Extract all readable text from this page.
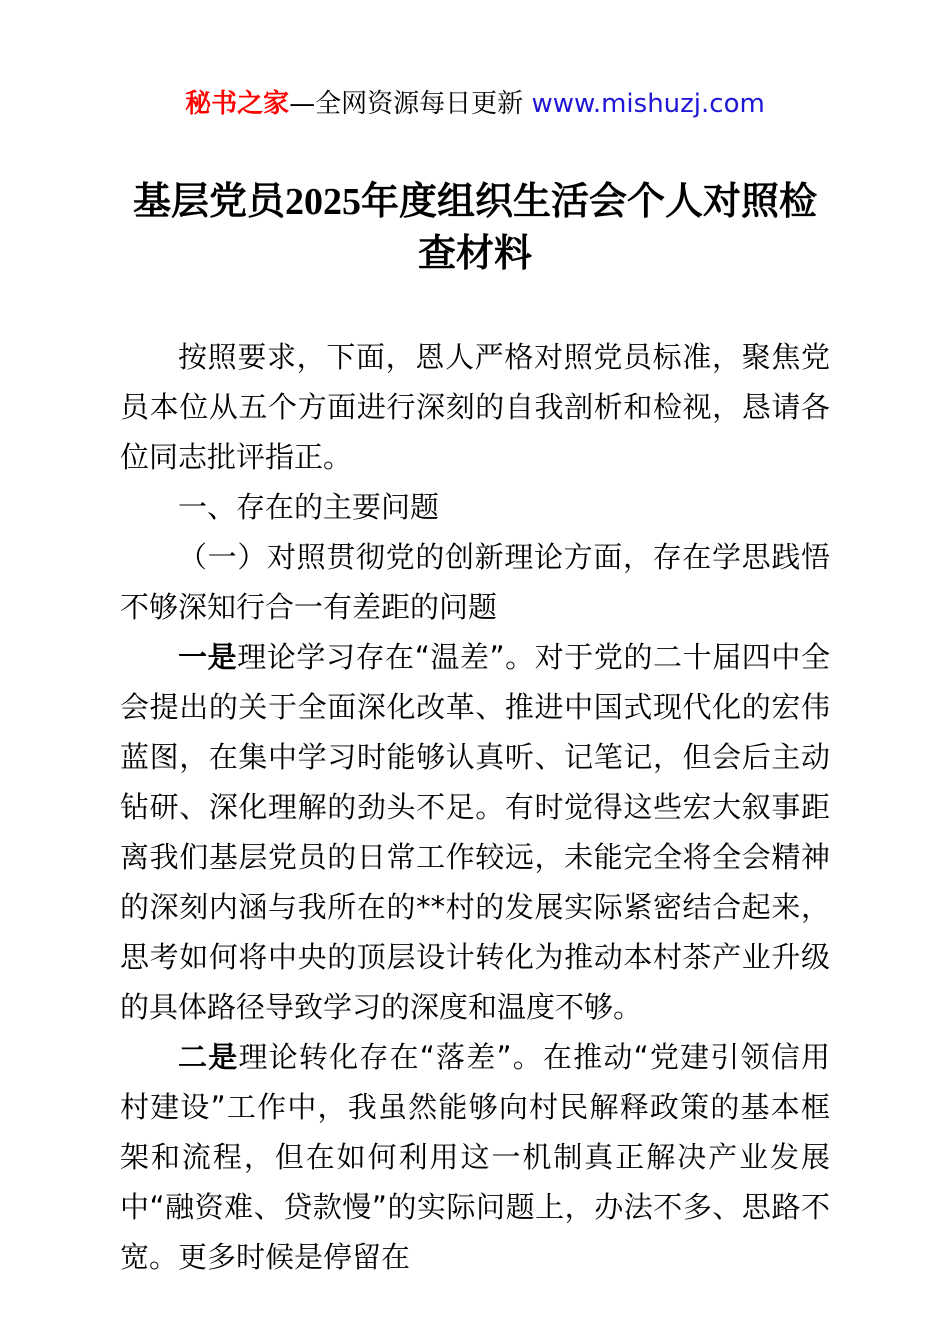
秘书之家—全网资源每日更新 www.mishuzj.com
基层党员2025年度组织生活会个人对照检查材料

按照要求，下面，恩人严格对照党员标准，聚焦党员本位从五个方面进行深刻的自我剖析和检视，恳请各位同志批评指正。

一、存在的主要问题

（一）对照贯彻党的创新理论方面，存在学思践悟不够深知行合一有差距的问题

一是理论学习存在“温差”。对于党的二十届四中全会提出的关于全面深化改革、推进中国式现代化的宏伟蓝图，在集中学习时能够认真听、记笔记，但会后主动钻研、深化理解的劲头不足。有时觉得这些宏大叙事距离我们基层党员的日常工作较远，未能完全将全会精神的深刻内涵与我所在的**村的发展实际紧密结合起来，思考如何将中央的顶层设计转化为推动本村茶产业升级的具体路径导致学习的深度和温度不够。

二是理论转化存在“落差”。在推动“党建引领信用村建设”工作中，我虽然能够向村民解释政策的基本框架和流程，但在如何利用这一机制真正解决产业发展中“融资难、贷款慢”的实际问题上，办法不多、思路不宽。更多时候是停留在
